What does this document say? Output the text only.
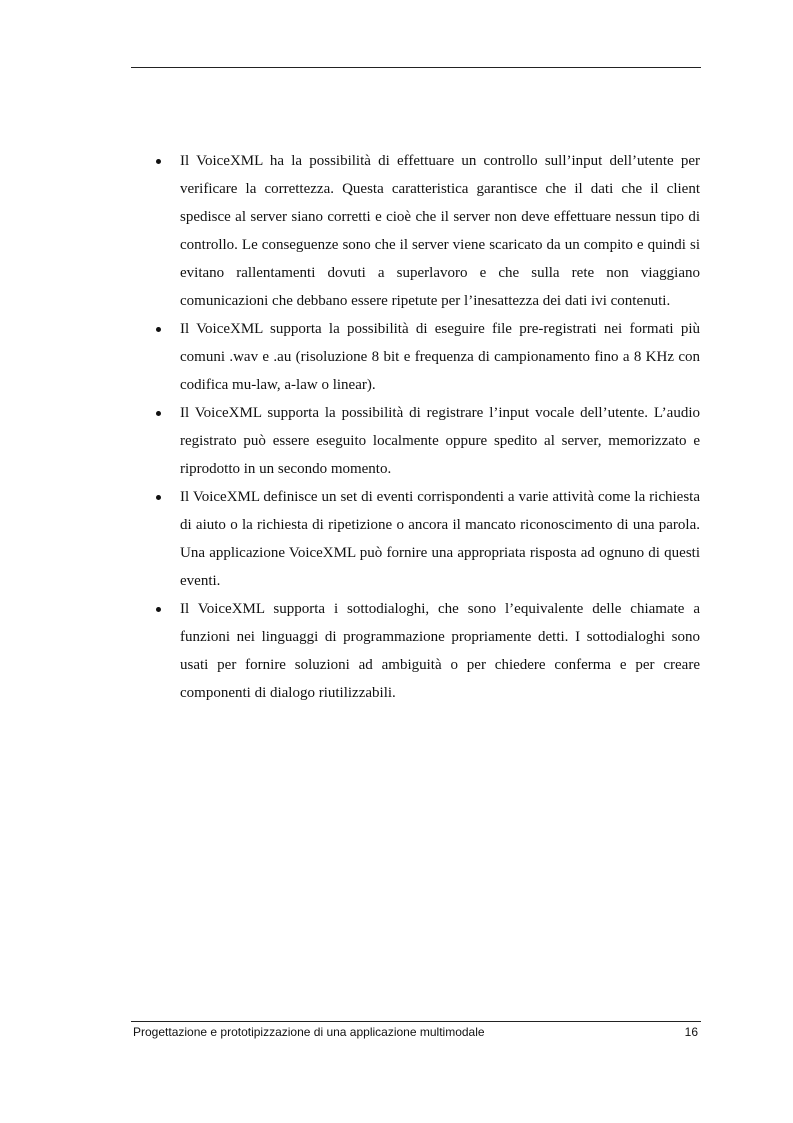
Il VoiceXML ha la possibilità di effettuare un controllo sull’input dell’utente per verificare la correttezza. Questa caratteristica garantisce che il dati che il client spedisce al server siano corretti e cioè che il server non deve effettuare nessun tipo di controllo. Le conseguenze sono che il server viene scaricato da un compito e quindi si evitano rallentamenti dovuti a superlavoro e che sulla rete non viaggiano comunicazioni che debbano essere ripetute per l’inesattezza dei dati ivi contenuti.
Il VoiceXML supporta la possibilità di eseguire file pre-registrati nei formati più comuni .wav e .au (risoluzione 8 bit e frequenza di campionamento fino a 8 KHz con codifica mu-law, a-law o linear).
Il VoiceXML supporta la possibilità di registrare l’input vocale dell’utente. L’audio registrato può essere eseguito localmente oppure spedito al server, memorizzato e riprodotto in un secondo momento.
Il VoiceXML definisce un set di eventi corrispondenti a varie attività come la richiesta di aiuto o la richiesta di ripetizione o ancora il mancato riconoscimento di una parola. Una applicazione VoiceXML può fornire una appropriata risposta ad ognuno di questi eventi.
Il VoiceXML supporta i sottodialoghi, che sono l’equivalente delle chiamate a funzioni nei linguaggi di programmazione propriamente detti. I sottodialoghi sono usati per fornire soluzioni ad ambiguità o per chiedere conferma e per creare componenti di dialogo riutilizzabili.
Progettazione e prototipizzazione di una applicazione multimodale	16
